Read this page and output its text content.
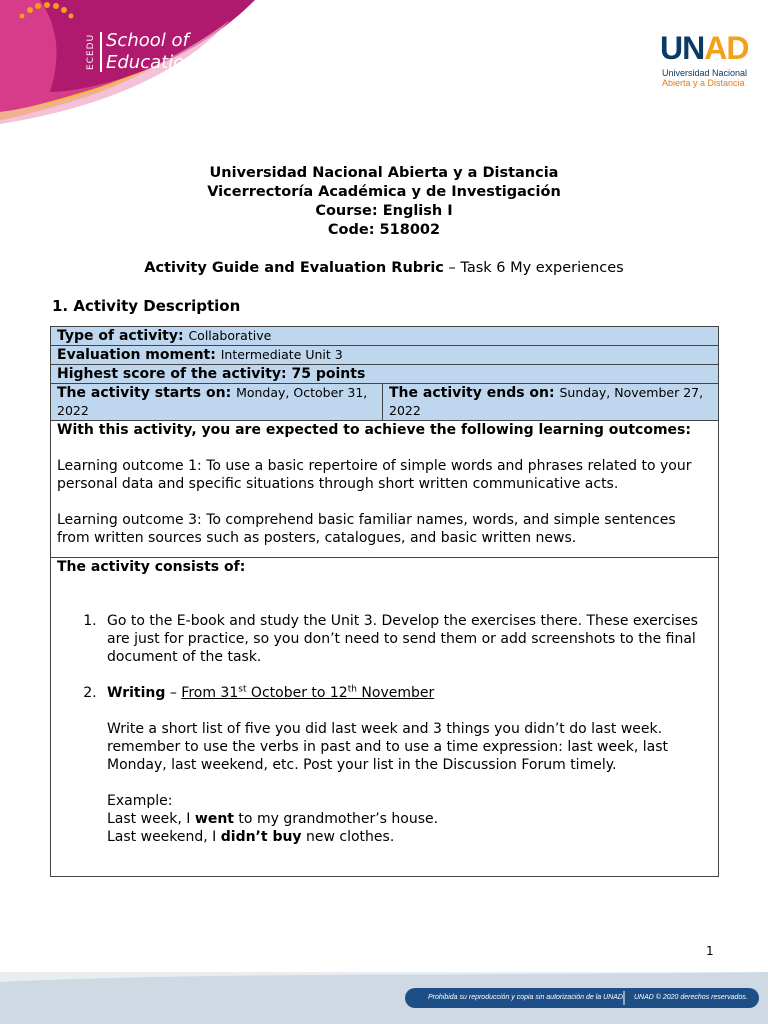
ECEDU School of
Education	UNAD
Universidad Nacional
Abierta y a Distancia
Universidad Nacional Abierta y a Distancia
Vicerrectoría Académica y de Investigación
Course: English I
Code: 518002
Activity Guide and Evaluation Rubric – Task 6 My experiences
1. Activity Description
Type of activity: Collaborative
Evaluation moment: Intermediate Unit 3
Highest score of the activity: 75 points
The activity starts on: Monday, October 31, 2022	The activity ends on: Sunday, November 27, 2022

With this activity, you are expected to achieve the following learning outcomes:

Learning outcome 1: To use a basic repertoire of simple words and phrases related to your personal data and specific situations through short written communicative acts.

Learning outcome 3: To comprehend basic familiar names, words, and simple sentences from written sources such as posters, catalogues, and basic written news.

The activity consists of:

1. Go to the E-book and study the Unit 3. Develop the exercises there. These exercises are just for practice, so you don’t need to send them or add screenshots to the final document of the task.
2. Writing – From 31st October to 12th November

Write a short list of five you did last week and 3 things you didn’t do last week. remember to use the verbs in past and to use a time expression: last week, last Monday, last weekend, etc. Post your list in the Discussion Forum timely.

Example:

Last week, I went to my grandmother’s house.

Last weekend, I didn’t buy new clothes.

1
Prohibida su reproducción y copia sin autorización de la UNAD. UNAD © 2020 derechos reservados.
